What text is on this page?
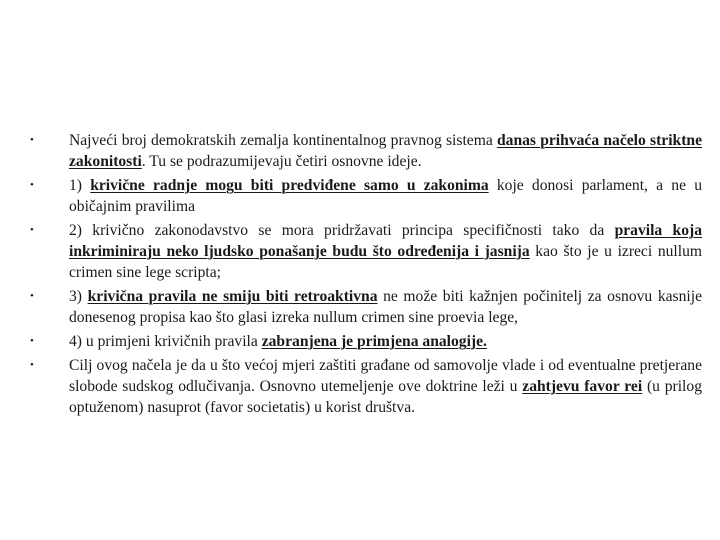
• Najveći broj demokratskih zemalja kontinentalnog pravnog sistema danas prihvaća načelo striktne zakonitosti. Tu se podrazumijevaju četiri osnovne ideje.
• 1) krivične radnje mogu biti predviđene samo u zakonima koje donosi parlament, a ne u običajnim pravilima
• 2) krivično zakonodavstvo se mora pridržavati principa specifičnosti tako da pravila koja inkriminiraju neko ljudsko ponašanje budu što određenija i jasnija kao što je u izreci nullum crimen sine lege scripta;
• 3) krivična pravila ne smiju biti retroaktivna ne može biti kažnjen počinitelj za osnovu kasnije donesenog propisa kao što glasi izreka nullum crimen sine proevia lege,
• 4) u primjeni krivičnih pravila zabranjena je primjena analogije.
• Cilj ovog načela je da u što većoj mjeri zaštiti građane od samovolje vlade i od eventualne pretjerane slobode sudskog odlučivanja. Osnovno utemeljenje ove doktrine leži u zahtjevu favor rei (u prilog optuženom) nasuprot (favor societatis) u korist društva.
